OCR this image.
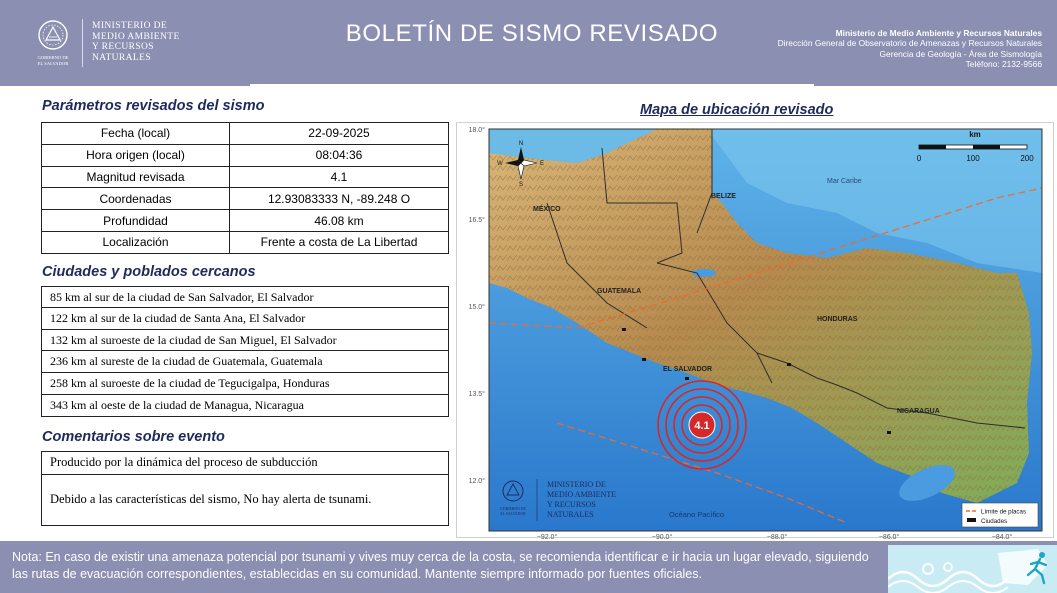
GOBIERNO DE
EL SALVADOR
MINISTERIO DE
MEDIO AMBIENTE
Y RECURSOS
NATURALES
BOLETÍN DE SISMO REVISADO	Ministerio de Medio Ambiente y Recursos Naturales
Dirección General de Observatorio de Amenazas y Recursos Naturales
Gerencia de Geología - Área de Sismología
Teléfono: 2132-9566
Parámetros revisados del sismo
Fecha (local)	22-09-2025
Hora origen (local)	08:04:36
Magnitud revisada	4.1
Coordenadas	12.93083333 N, -89.248 O
Profundidad	46.08 km
Localización	Frente a costa de La Libertad
Ciudades y poblados cercanos
85 km al sur de la ciudad de San Salvador, El Salvador
122 km al sur de la ciudad de Santa Ana, El Salvador
132 km al suroeste de la ciudad de San Miguel, El Salvador
236 km al sureste de la ciudad de Guatemala, Guatemala
258 km al suroeste de la ciudad de Tegucigalpa, Honduras
343 km al oeste de la ciudad de Managua, Nicaragua
Comentarios sobre evento
Producido por la dinámica del proceso de subducción
Debido a las características del sismo, No hay alerta de tsunami.
Mapa de ubicación revisado
MÉXICO
BELIZE
GUATEMALA
HONDURAS
EL SALVADOR
NICARAGUA
Mar Caribe
Océano Pacífico
4.1
N
S
E
W
km
0	100	200
Límite de placas
Ciudades
GOBIERNO DE
EL SALVADOR
MINISTERIO DE
MEDIO AMBIENTE
Y RECURSOS
NATURALES
18.0°
16.5°
15.0°
13.5°
12.0°
−92.0°	−90.0°	−88.0°	−86.0°	−84.0°
Nota: En caso de existir una amenaza potencial por tsunami y vives muy cerca de la costa, se recomienda identificar e ir hacia un lugar elevado, siguiendo las rutas de evacuación correspondientes, establecidas en su comunidad. Mantente siempre informado por fuentes oficiales.
